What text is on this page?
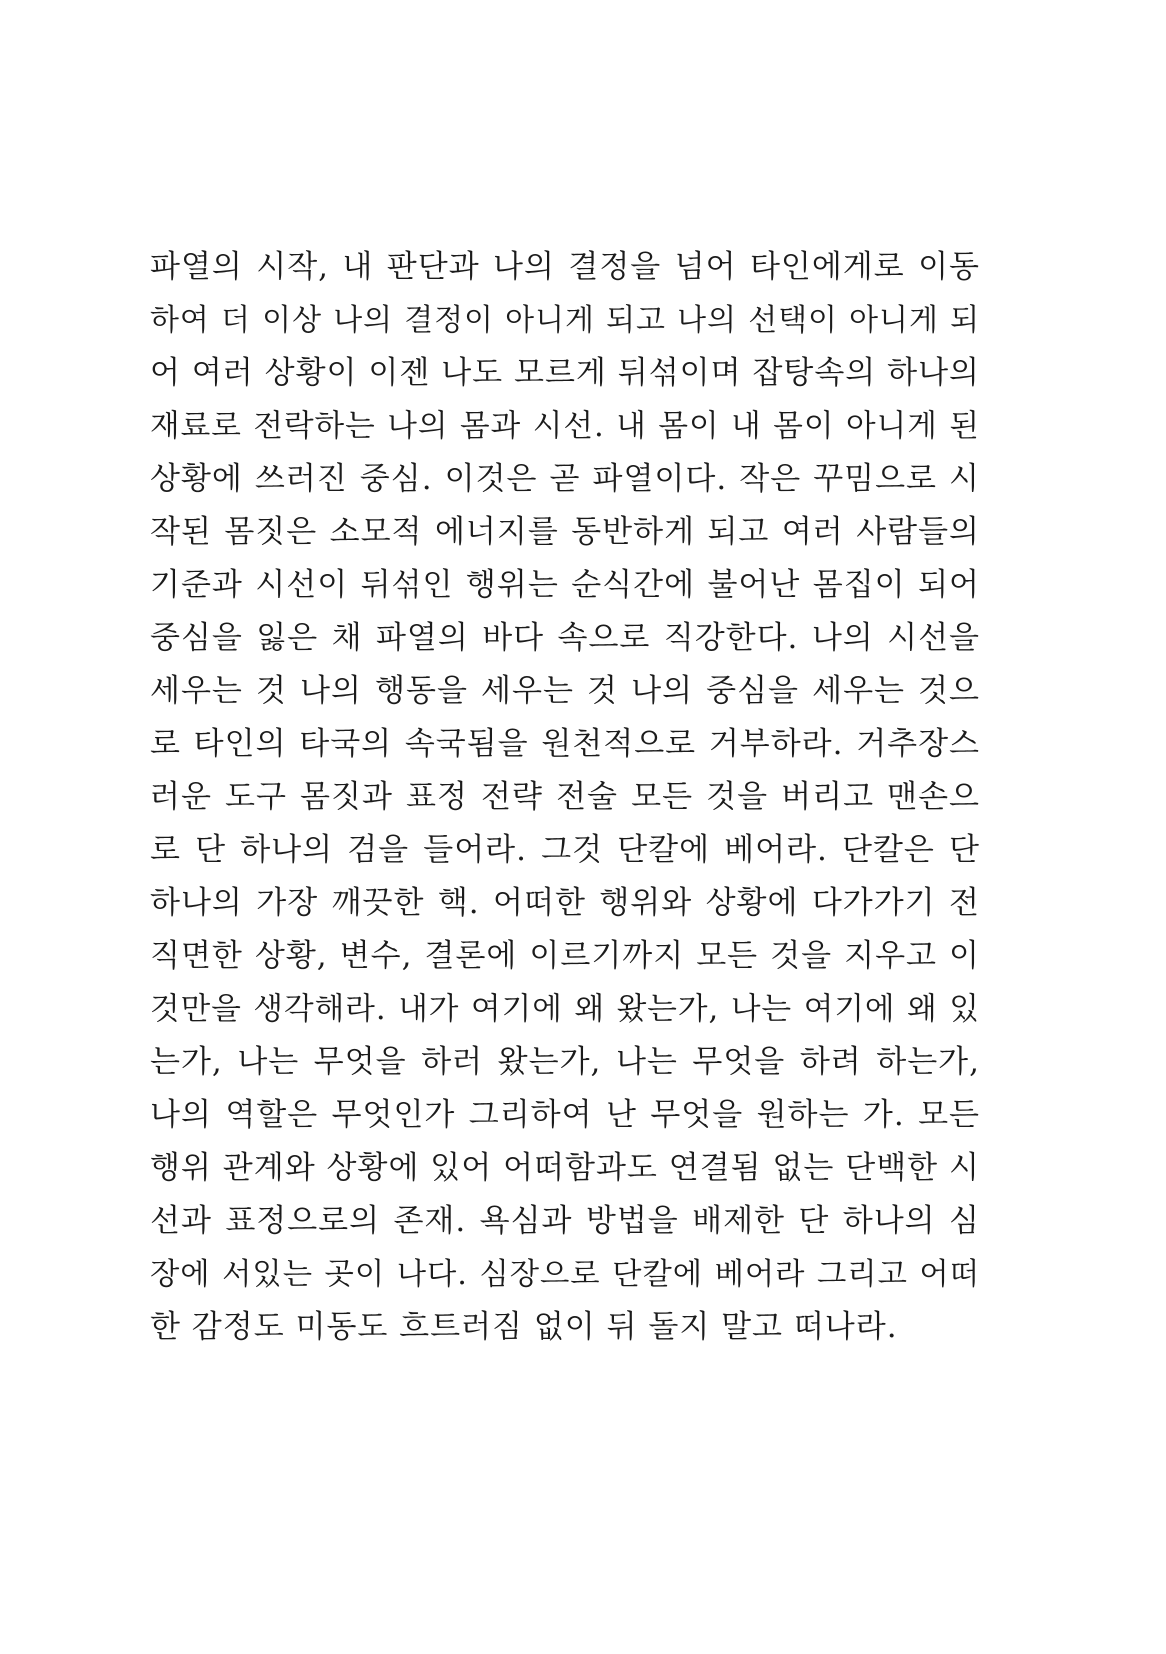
파열의 시작, 내 판단과 나의 결정을 넘어 타인에게로 이동
하여 더 이상 나의 결정이 아니게 되고 나의 선택이 아니게 되
어 여러 상황이 이젠 나도 모르게 뒤섞이며 잡탕속의 하나의
재료로 전락하는 나의 몸과 시선. 내 몸이 내 몸이 아니게 된
상황에 쓰러진 중심. 이것은 곧 파열이다. 작은 꾸밈으로 시
작된 몸짓은 소모적 에너지를 동반하게 되고 여러 사람들의
기준과 시선이 뒤섞인 행위는 순식간에 불어난 몸집이 되어
중심을 잃은 채 파열의 바다 속으로 직강한다. 나의 시선을
세우는 것 나의 행동을 세우는 것 나의 중심을 세우는 것으
로 타인의 타국의 속국됨을 원천적으로 거부하라. 거추장스
러운 도구 몸짓과 표정 전략 전술 모든 것을 버리고 맨손으
로 단 하나의 검을 들어라. 그것 단칼에 베어라. 단칼은 단
하나의 가장 깨끗한 핵. 어떠한 행위와 상황에 다가가기 전
직면한 상황, 변수, 결론에 이르기까지 모든 것을 지우고 이
것만을 생각해라. 내가 여기에 왜 왔는가, 나는 여기에 왜 있
는가, 나는 무엇을 하러 왔는가, 나는 무엇을 하려 하는가,
나의 역할은 무엇인가 그리하여 난 무엇을 원하는 가. 모든
행위 관계와 상황에 있어 어떠함과도 연결됨 없는 단백한 시
선과 표정으로의 존재. 욕심과 방법을 배제한 단 하나의 심
장에 서있는 곳이 나다. 심장으로 단칼에 베어라 그리고 어떠
한 감정도 미동도 흐트러짐 없이 뒤 돌지 말고 떠나라.
